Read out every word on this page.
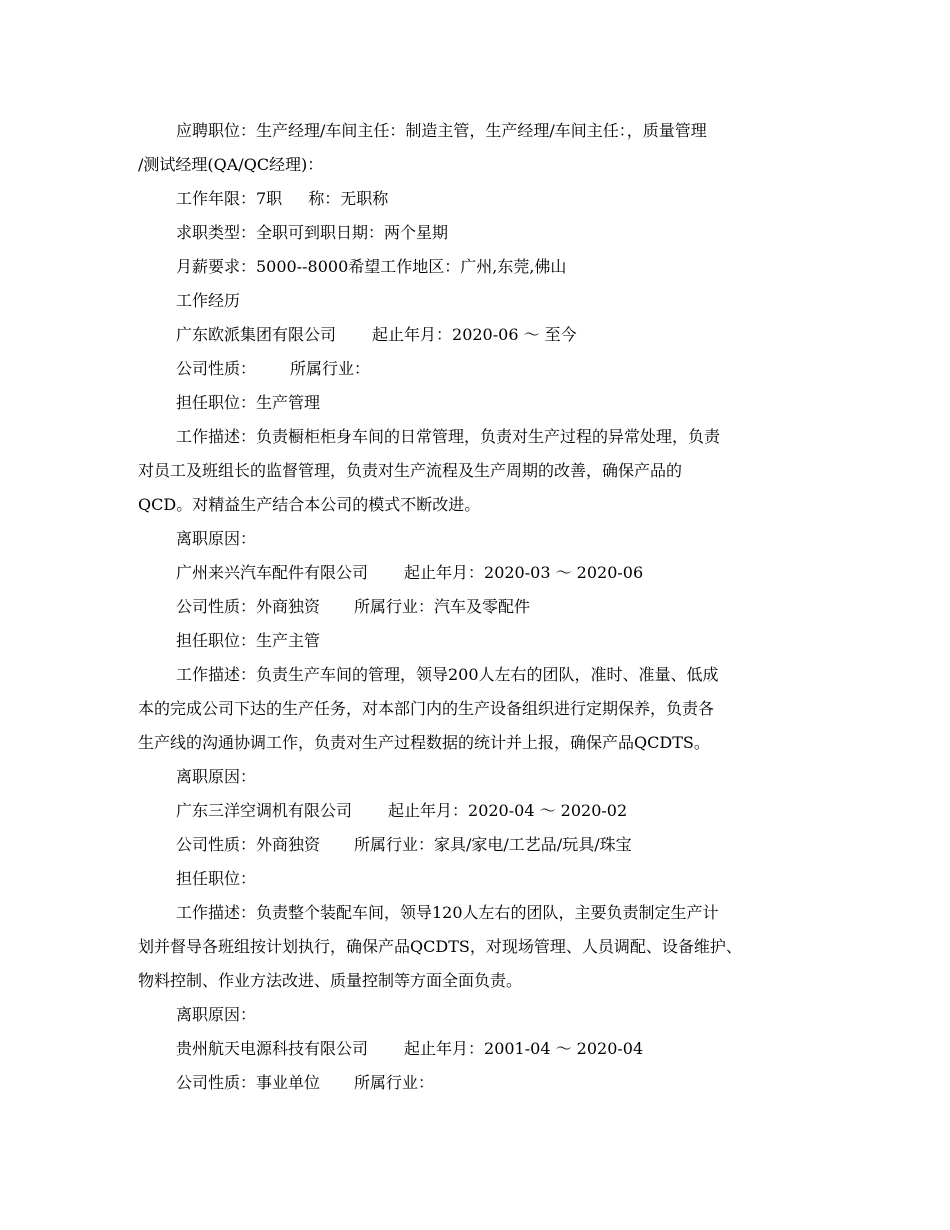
应聘职位：生产经理/车间主任：制造主管，生产经理/车间主任：，质量管理
/测试经理(QA/QC经理)：
工作年限：7职 称：无职称
求职类型：全职可到职日期：两个星期
月薪要求：5000--8000希望工作地区：广州,东莞,佛山
工作经历
广东欧派集团有限公司 起止年月：2020-06 ～ 至今
公司性质： 所属行业：
担任职位：生产管理
工作描述：负责橱柜柜身车间的日常管理，负责对生产过程的异常处理，负责
对员工及班组长的监督管理，负责对生产流程及生产周期的改善，确保产品的
QCD。对精益生产结合本公司的模式不断改进。
离职原因：
广州来兴汽车配件有限公司 起止年月：2020-03 ～ 2020-06
公司性质：外商独资 所属行业：汽车及零配件
担任职位：生产主管
工作描述：负责生产车间的管理，领导200人左右的团队，准时、准量、低成
本的完成公司下达的生产任务，对本部门内的生产设备组织进行定期保养，负责各
生产线的沟通协调工作，负责对生产过程数据的统计并上报，确保产品QCDTS。
离职原因：
广东三洋空调机有限公司 起止年月：2020-04 ～ 2020-02
公司性质：外商独资 所属行业：家具/家电/工艺品/玩具/珠宝
担任职位：
工作描述：负责整个装配车间，领导120人左右的团队，主要负责制定生产计
划并督导各班组按计划执行，确保产品QCDTS，对现场管理、人员调配、设备维护、
物料控制、作业方法改进、质量控制等方面全面负责。
离职原因：
贵州航天电源科技有限公司 起止年月：2001-04 ～ 2020-04
公司性质：事业单位 所属行业：
